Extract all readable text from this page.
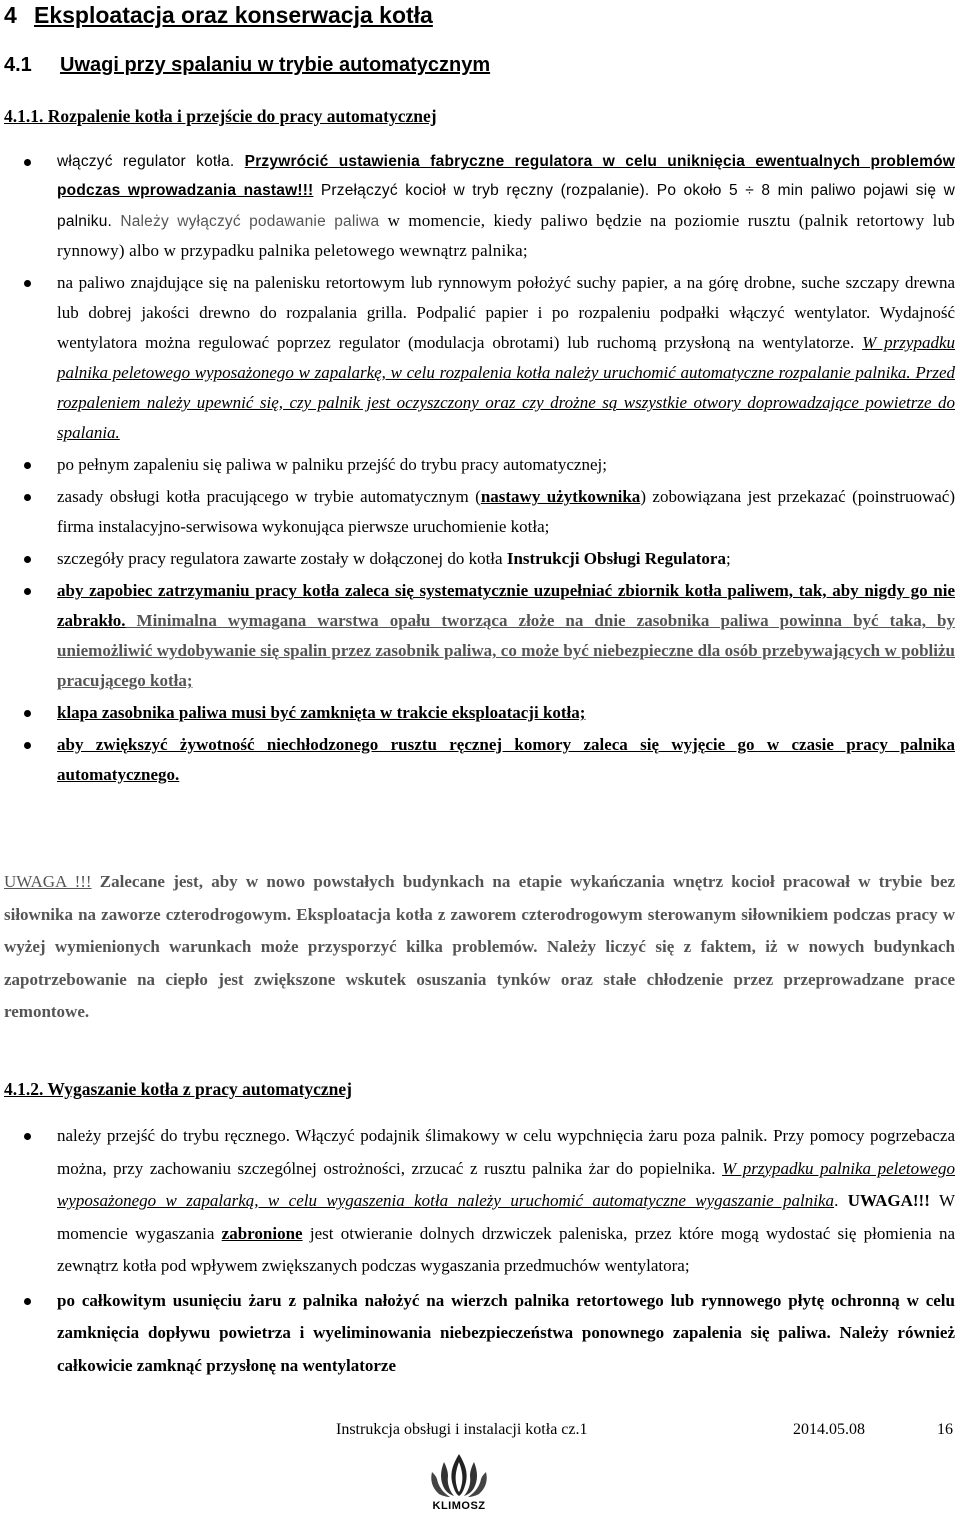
4 Eksploatacja oraz konserwacja kotła
4.1 Uwagi przy spalaniu w trybie automatycznym
4.1.1. Rozpalenie kotła i przejście do pracy automatycznej
włączyć regulator kotła. Przywrócić ustawienia fabryczne regulatora w celu uniknięcia ewentualnych problemów podczas wprowadzania nastaw!!! Przełączyć kocioł w tryb ręczny (rozpalanie). Po około 5 ÷ 8 min paliwo pojawi się w palniku. Należy wyłączyć podawanie paliwa w momencie, kiedy paliwo będzie na poziomie rusztu (palnik retortowy lub rynnowy) albo w przypadku palnika peletowego wewnątrz palnika;
na paliwo znajdujące się na palenisku retortowym lub rynnowym położyć suchy papier, a na górę drobne, suche szczapy drewna lub dobrej jakości drewno do rozpalania grilla. Podpalić papier i po rozpaleniu podpałki włączyć wentylator. Wydajność wentylatora można regulować poprzez regulator (modulacja obrotami) lub ruchomą przysłoną na wentylatorze. W przypadku palnika peletowego wyposażonego w zapalarkę, w celu rozpalenia kotła należy uruchomić automatyczne rozpalanie palnika. Przed rozpaleniem należy upewnić się, czy palnik jest oczyszczony oraz czy drożne są wszystkie otwory doprowadzające powietrze do spalania.
po pełnym zapaleniu się paliwa w palniku przejść do trybu pracy automatycznej;
zasady obsługi kotła pracującego w trybie automatycznym (nastawy użytkownika) zobowiązana jest przekazać (poinstruować) firma instalacyjno-serwisowa wykonująca pierwsze uruchomienie kotła;
szczegóły pracy regulatora zawarte zostały w dołączonej do kotła Instrukcji Obsługi Regulatora;
aby zapobiec zatrzymaniu pracy kotła zaleca się systematycznie uzupełniać zbiornik kotła paliwem, tak, aby nigdy go nie zabrakło. Minimalna wymagana warstwa opału tworząca złoże na dnie zasobnika paliwa powinna być taka, by uniemożliwić wydobywanie się spalin przez zasobnik paliwa, co może być niebezpieczne dla osób przebywających w pobliżu pracującego kotła;
klapa zasobnika paliwa musi być zamknięta w trakcie eksploatacji kotła;
aby zwiększyć żywotność niechłodzonego rusztu ręcznej komory zaleca się wyjęcie go w czasie pracy palnika automatycznego.
UWAGA !!! Zalecane jest, aby w nowo powstałych budynkach na etapie wykańczania wnętrz kocioł pracował w trybie bez siłownika na zaworze czterodrogowym. Eksploatacja kotła z zaworem czterodrogowym sterowanym siłownikiem podczas pracy w wyżej wymienionych warunkach może przysporzyć kilka problemów. Należy liczyć się z faktem, iż w nowych budynkach zapotrzebowanie na ciepło jest zwiększone wskutek osuszania tynków oraz stałe chłodzenie przez przeprowadzane prace remontowe.
4.1.2. Wygaszanie kotła z pracy automatycznej
należy przejść do trybu ręcznego. Włączyć podajnik ślimakowy w celu wypchnięcia żaru poza palnik. Przy pomocy pogrzebacza można, przy zachowaniu szczególnej ostrożności, zrzucać z rusztu palnika żar do popielnika. W przypadku palnika peletowego wyposażonego w zapalarką, w celu wygaszenia kotła należy uruchomić automatyczne wygaszanie palnika. UWAGA!!! W momencie wygaszania zabronione jest otwieranie dolnych drzwiczek paleniska, przez które mogą wydostać się płomienia na zewnątrz kotła pod wpływem zwiększanych podczas wygaszania przedmuchów wentylatora;
po całkowitym usunięciu żaru z palnika nałożyć na wierzch palnika retortowego lub rynnowego płytę ochronną w celu zamknięcia dopływu powietrza i wyeliminowania niebezpieczeństwa ponownego zapalenia się paliwa. Należy również całkowicie zamknąć przysłonę na wentylatorze
Instrukcja obsługi i instalacji kotła cz.1	2014.05.08	16
KLIMOSZ
